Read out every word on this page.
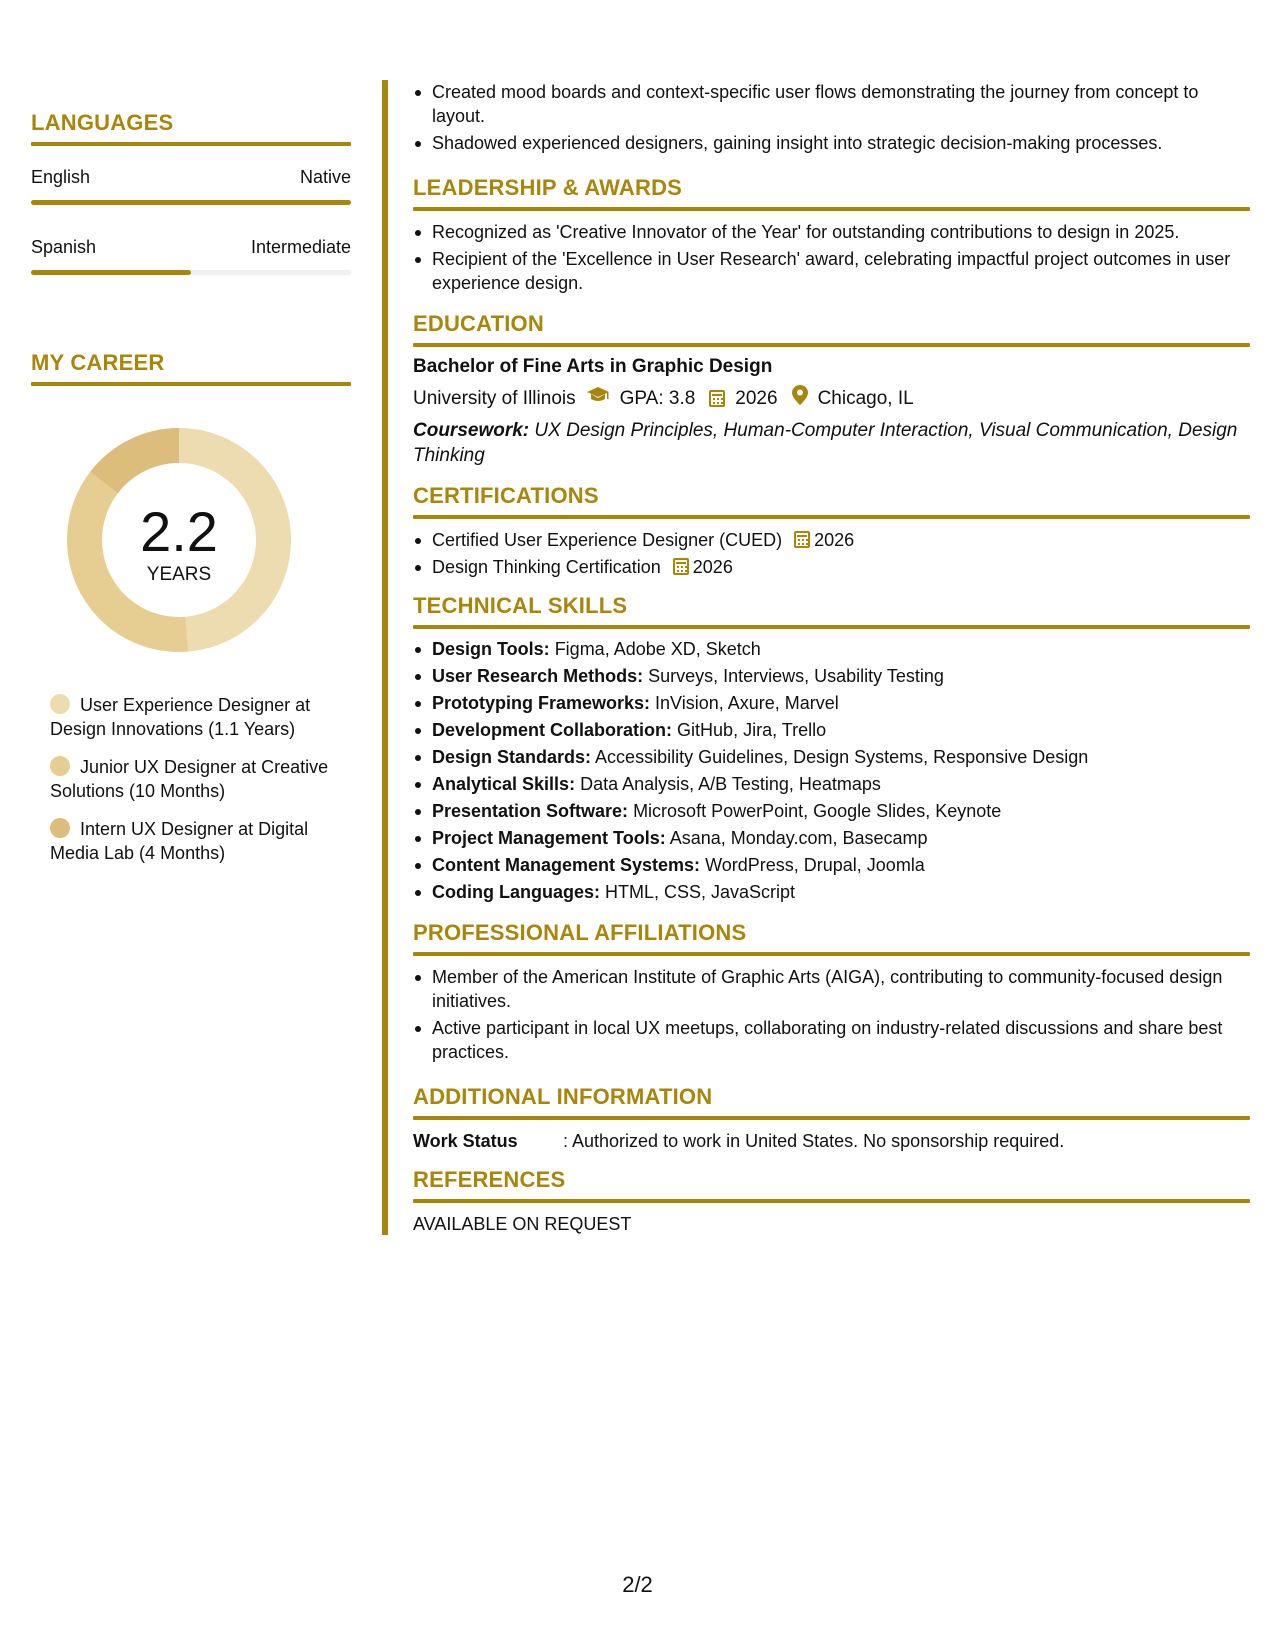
LANGUAGES
English	Native
Spanish	Intermediate
MY CAREER
2.2
YEARS
User Experience Designer at Design Innovations (1.1 Years)
Junior UX Designer at Creative Solutions (10 Months)
Intern UX Designer at Digital Media Lab (4 Months)
Created mood boards and context-specific user flows demonstrating the journey from concept to layout.
Shadowed experienced designers, gaining insight into strategic decision-making processes.
LEADERSHIP & AWARDS
Recognized as 'Creative Innovator of the Year' for outstanding contributions to design in 2025.
Recipient of the 'Excellence in User Research' award, celebrating impactful project outcomes in user experience design.
EDUCATION
Bachelor of Fine Arts in Graphic Design
University of Illinois GPA: 3.8 2026 Chicago, IL
Coursework: UX Design Principles, Human-Computer Interaction, Visual Communication, Design Thinking
CERTIFICATIONS
Certified User Experience Designer (CUED) 2026
Design Thinking Certification 2026
TECHNICAL SKILLS
Design Tools: Figma, Adobe XD, Sketch
User Research Methods: Surveys, Interviews, Usability Testing
Prototyping Frameworks: InVision, Axure, Marvel
Development Collaboration: GitHub, Jira, Trello
Design Standards: Accessibility Guidelines, Design Systems, Responsive Design
Analytical Skills: Data Analysis, A/B Testing, Heatmaps
Presentation Software: Microsoft PowerPoint, Google Slides, Keynote
Project Management Tools: Asana, Monday.com, Basecamp
Content Management Systems: WordPress, Drupal, Joomla
Coding Languages: HTML, CSS, JavaScript
PROFESSIONAL AFFILIATIONS
Member of the American Institute of Graphic Arts (AIGA), contributing to community-focused design initiatives.
Active participant in local UX meetups, collaborating on industry-related discussions and share best practices.
ADDITIONAL INFORMATION
Work Status	: Authorized to work in United States. No sponsorship required.
REFERENCES
AVAILABLE ON REQUEST
2/2
